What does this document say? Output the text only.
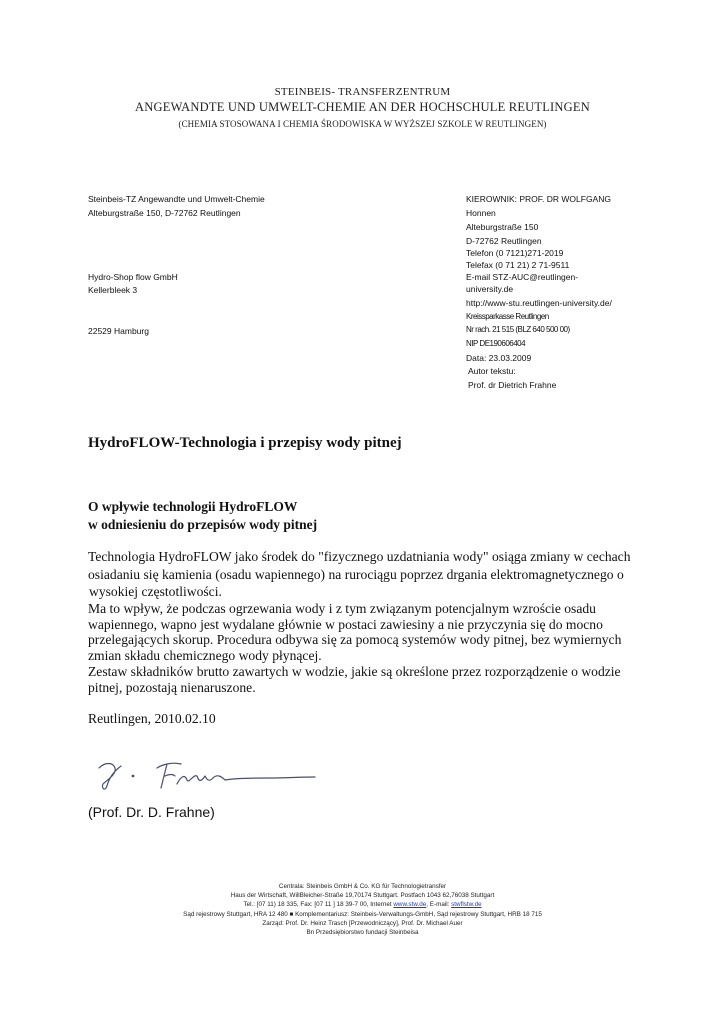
STEINBEIS- TRANSFERZENTRUM
ANGEWANDTE UND UMWELT-CHEMIE AN DER HOCHSCHULE REUTLINGEN
(CHEMIA STOSOWANA I CHEMIA ŚRODOWISKA W WYŻSZEJ SZKOLE W REUTLINGEN)
Steinbeis-TZ Angewandte und Umwelt-Chemie
Alteburgstraße 150, D-72762 Reutlingen
Hydro-Shop flow GmbH
Kellerbleek 3
22529 Hamburg
KIEROWNIK: PROF. DR WOLFGANG
Honnen
Alteburgstraße 150
D-72762 Reutlingen
Telefon (0 7121)271-2019
Telefax (0 71 21) 2 71-9511
E-mail STZ-AUC@reutlingen-
university.de
http://www-stu.reutlingen-university.de/
Kreissparkasse Reutlingen
Nr rach. 21 515 (BLZ 640 500 00)
NIP DE190606404
Data: 23.03.2009
Autor tekstu:
Prof. dr Dietrich Frahne
HydroFLOW-Technologia i przepisy wody pitnej
O wpływie technologii HydroFLOW
w odniesieniu do przepisów wody pitnej

Technologia HydroFLOW jako środek do "fizycznego uzdatniania wody" osiąga zmiany w cechach

osiadaniu się kamienia (osadu wapiennego) na rurociągu poprzez drgania elektromagnetycznego o

wysokiej częstotliwości.

Ma to wpływ, że podczas ogrzewania wody i z tym związanym potencjalnym wzroście osadu

wapiennego, wapno jest wydalane głównie w postaci zawiesiny a nie przyczynia się do mocno

przelegających skorup. Procedura odbywa się za pomocą systemów wody pitnej, bez wymiernych

zmian składu chemicznego wody płynącej.

Zestaw składników brutto zawartych w wodzie, jakie są określone przez rozporządzenie o wodzie

pitnej, pozostają nienaruszone.

Reutlingen, 2010.02.10
(Prof. Dr. D. Frahne)
Centrala: Steinbeis GmbH & Co. KG für Technologietransfer
Haus der Wirtschaft, WillBleicher-Straße 19,70174 Stuttgart. Postfach 1043 62,76038 Stuttgart
Tel.: [07 11) 18 335, Fax: [07 11 ] 18 39-7 00, Internet www.stw.de, E-mail: stwflstw.de
Sąd rejestrowy Stuttgart, HRA 12 480 ■ Komplementariusz: Steinbeis-Verwaltungs-GmbH, Sąd rejestrowy Stuttgart, HRB 18 715
Zarząd: Prof. Dr. Heinz Trasch [Przewodniczący], Prof. Dr. Michael Auer
Bn Przedsiębiorstwo fundacji Steinbeisa
